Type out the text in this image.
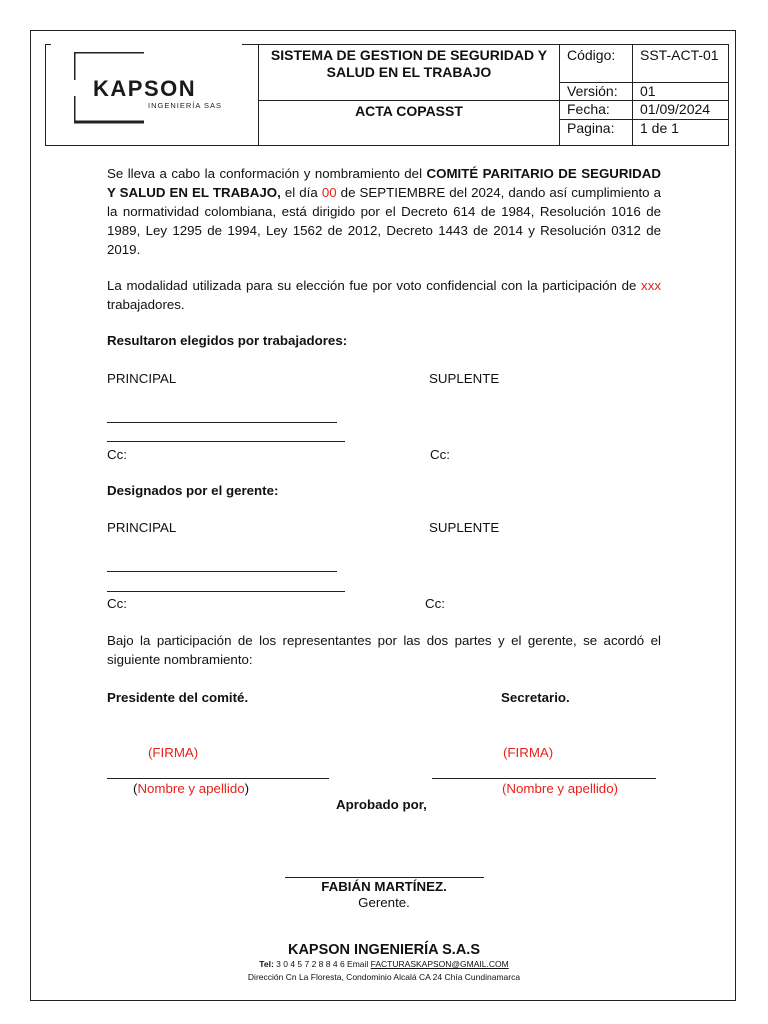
KAPSON
INGENIERÍA SAS
SISTEMA DE GESTION DE SEGURIDAD Y SALUD EN EL TRABAJO
ACTA COPASST
Código: SST-ACT-01
Versión: 01
Fecha: 01/09/2024
Pagina: 1 de 1
Se lleva a cabo la conformación y nombramiento del COMITÉ PARITARIO DE SEGURIDAD Y SALUD EN EL TRABAJO, el día 00 de SEPTIEMBRE del 2024, dando así cumplimiento a la normatividad colombiana, está dirigido por el Decreto 614 de 1984, Resolución 1016 de 1989, Ley 1295 de 1994, Ley 1562 de 2012, Decreto 1443 de 2014 y Resolución 0312 de 2019.
La modalidad utilizada para su elección fue por voto confidencial con la participación de xxx trabajadores.
Resultaron elegidos por trabajadores:
PRINCIPAL	SUPLENTE
Cc:	Cc:
Designados por el gerente:
PRINCIPAL	SUPLENTE
Cc:	Cc:
Bajo la participación de los representantes por las dos partes y el gerente, se acordó el siguiente nombramiento:
Presidente del comité.	Secretario.
(FIRMA)	(FIRMA)
(Nombre y apellido)	(Nombre y apellido)
Aprobado por,
FABIÁN MARTÍNEZ.
Gerente.
KAPSON INGENIERÍA S.A.S
Tel: 3 0 4 5 7 2 8 8 4 6 Email FACTURASKAPSON@GMAIL.COM
Dirección Cn La Floresta, Condominio Alcalá CA 24 Chía Cundinamarca
